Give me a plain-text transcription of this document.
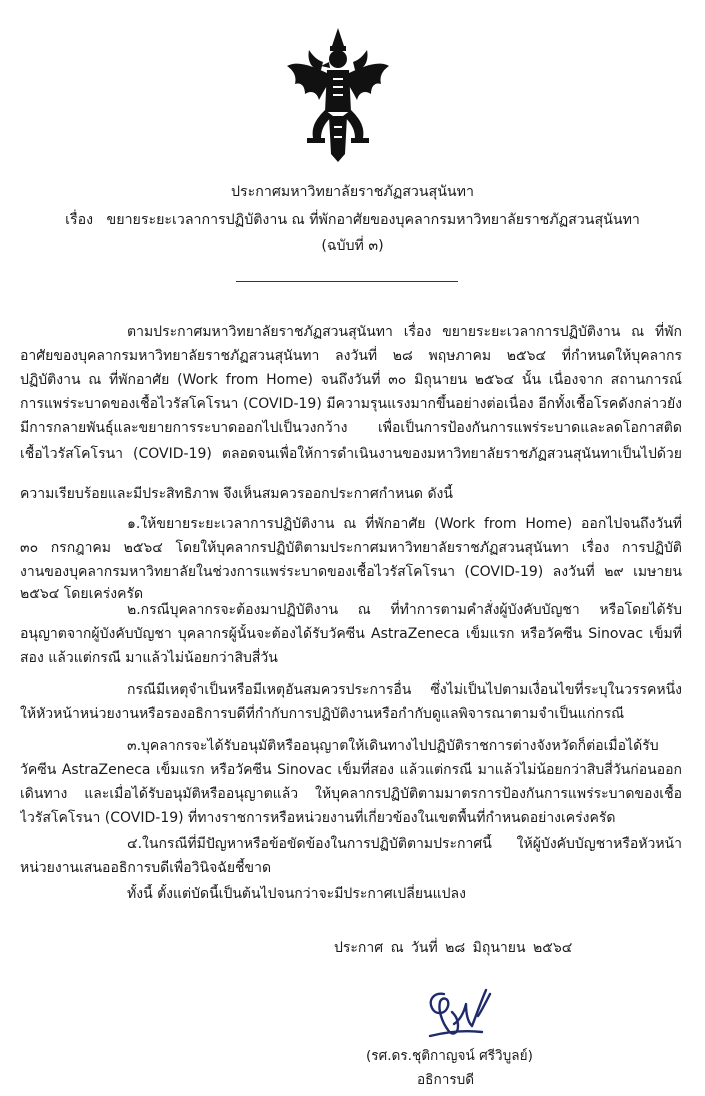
ประกาศมหาวิทยาลัยราชภัฏสวนสุนันทา
เรื่อง   ขยายระยะเวลาการปฏิบัติงาน ณ ที่พักอาศัยของบุคลากรมหาวิทยาลัยราชภัฏสวนสุนันทา
(ฉบับที่ ๓)
ตามประกาศมหาวิทยาลัยราชภัฏสวนสุนันทา เรื่อง ขยายระยะเวลาการปฏิบัติงาน ณ ที่พัก
อาศัยของบุคลากรมหาวิทยาลัยราชภัฏสวนสุนันทา ลงวันที่ ๒๘ พฤษภาคม ๒๕๖๔ ที่กำหนดให้บุคลากร
ปฏิบัติงาน ณ ที่พักอาศัย (Work from Home) จนถึงวันที่ ๓๐ มิถุนายน ๒๕๖๔ นั้น เนื่องจาก สถานการณ์
การแพร่ระบาดของเชื้อไวรัสโคโรนา (COVID-19) มีความรุนแรงมากขึ้นอย่างต่อเนื่อง อีกทั้งเชื้อโรคดังกล่าวยัง
มีการกลายพันธุ์และขยายการระบาดออกไปเป็นวงกว้าง เพื่อเป็นการป้องกันการแพร่ระบาดและลดโอกาสติด
เชื้อไวรัสโคโรนา (COVID-19) ตลอดจนเพื่อให้การดำเนินงานของมหาวิทยาลัยราชภัฏสวนสุนันทาเป็นไปด้วย
ความเรียบร้อยและมีประสิทธิภาพ จึงเห็นสมควรออกประกาศกำหนด ดังนี้
๑.ให้ขยายระยะเวลาการปฏิบัติงาน ณ ที่พักอาศัย (Work from Home) ออกไปจนถึงวันที่
๓๐ กรกฎาคม ๒๕๖๔ โดยให้บุคลากรปฏิบัติตามประกาศมหาวิทยาลัยราชภัฏสวนสุนันทา เรื่อง การปฏิบัติ
งานของบุคลากรมหาวิทยาลัยในช่วงการแพร่ระบาดของเชื้อไวรัสโคโรนา (COVID-19) ลงวันที่ ๒๙ เมษายน
๒๕๖๔ โดยเคร่งครัด
๒.กรณีบุคลากรจะต้องมาปฏิบัติงาน ณ ที่ทำการตามคำสั่งผู้บังคับบัญชา หรือโดยได้รับ
อนุญาตจากผู้บังคับบัญชา บุคลากรผู้นั้นจะต้องได้รับวัคซีน AstraZeneca เข็มแรก หรือวัคซีน Sinovac เข็มที่
สอง แล้วแต่กรณี มาแล้วไม่น้อยกว่าสิบสี่วัน
กรณีมีเหตุจำเป็นหรือมีเหตุอันสมควรประการอื่น ซึ่งไม่เป็นไปตามเงื่อนไขที่ระบุในวรรคหนึ่ง
ให้หัวหน้าหน่วยงานหรือรองอธิการบดีที่กำกับการปฏิบัติงานหรือกำกับดูแลพิจารณาตามจำเป็นแก่กรณี
๓.บุคลากรจะได้รับอนุมัติหรืออนุญาตให้เดินทางไปปฏิบัติราชการต่างจังหวัดก็ต่อเมื่อได้รับ
วัคซีน AstraZeneca เข็มแรก หรือวัคซีน Sinovac เข็มที่สอง แล้วแต่กรณี มาแล้วไม่น้อยกว่าสิบสี่วันก่อนออก
เดินทาง และเมื่อได้รับอนุมัติหรืออนุญาตแล้ว ให้บุคลากรปฏิบัติตามมาตรการป้องกันการแพร่ระบาดของเชื้อ
ไวรัสโคโรนา (COVID-19) ที่ทางราชการหรือหน่วยงานที่เกี่ยวข้องในเขตพื้นที่กำหนดอย่างเคร่งครัด
๔.ในกรณีที่มีปัญหาหรือข้อขัดข้องในการปฏิบัติตามประกาศนี้ ให้ผู้บังคับบัญชาหรือหัวหน้า
หน่วยงานเสนออธิการบดีเพื่อวินิจฉัยชี้ขาด
ทั้งนี้ ตั้งแต่บัดนี้เป็นต้นไปจนกว่าจะมีประกาศเปลี่ยนแปลง
ประกาศ ณ วันที่ ๒๘ มิถุนายน ๒๕๖๔
(รศ.ดร.ชุติกาญจน์ ศรีวิบูลย์)
อธิการบดี
